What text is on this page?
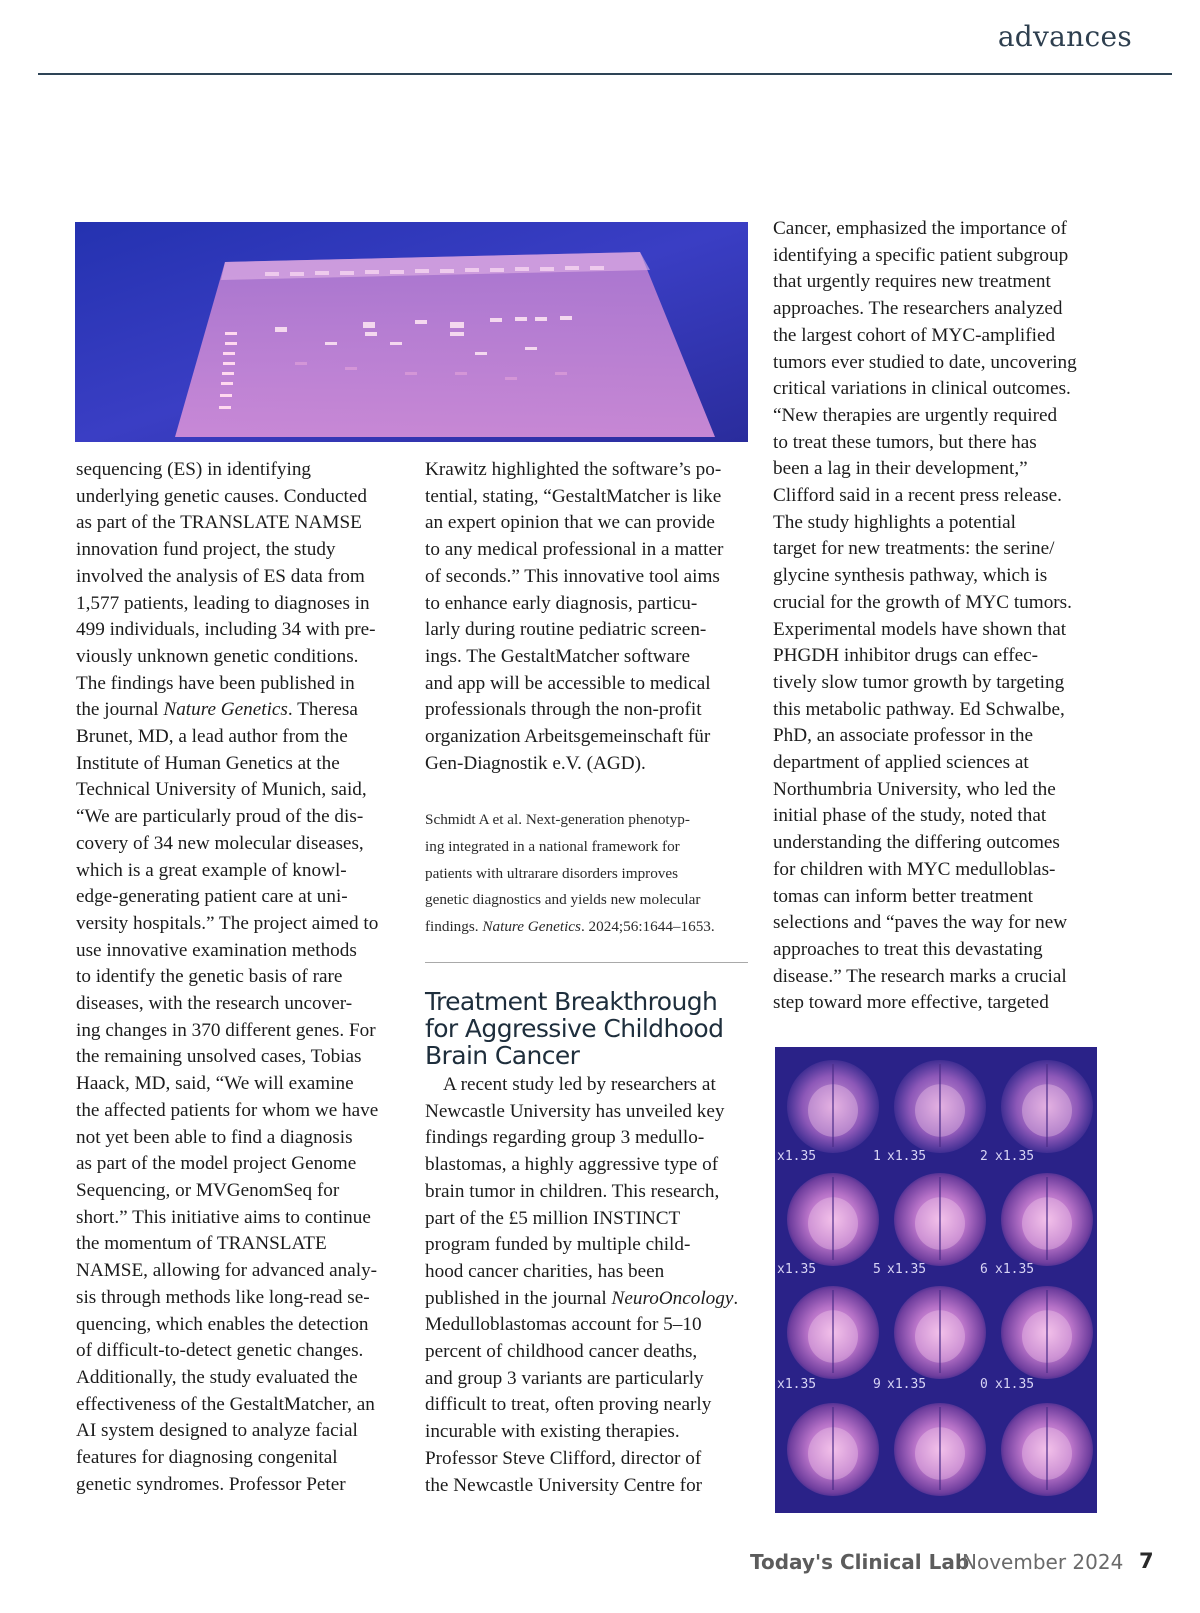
advances

sequencing (ES) in identifying

underlying genetic causes. Conducted

as part of the TRANSLATE NAMSE

innovation fund project, the study

involved the analysis of ES data from

1,577 patients, leading to diagnoses in

499 individuals, including 34 with pre-

viously unknown genetic conditions.

The findings have been published in

the journal Nature Genetics. Theresa

Brunet, MD, a lead author from the

Institute of Human Genetics at the

Technical University of Munich, said,

“We are particularly proud of the dis-

covery of 34 new molecular diseases,

which is a great example of knowl-

edge-generating patient care at uni-

versity hospitals.” The project aimed to

use innovative examination methods

to identify the genetic basis of rare

diseases, with the research uncover-

ing changes in 370 different genes. For

the remaining unsolved cases, Tobias

Haack, MD, said, “We will examine

the affected patients for whom we have

not yet been able to find a diagnosis

as part of the model project Genome

Sequencing, or MVGenomSeq for

short.” This initiative aims to continue

the momentum of TRANSLATE

NAMSE, allowing for advanced analy-

sis through methods like long-read se-

quencing, which enables the detection

of difficult-to-detect genetic changes.

Additionally, the study evaluated the

effectiveness of the GestaltMatcher, an

AI system designed to analyze facial

features for diagnosing congenital

genetic syndromes. Professor Peter

Krawitz highlighted the software’s po-

tential, stating, “GestaltMatcher is like

an expert opinion that we can provide

to any medical professional in a matter

of seconds.” This innovative tool aims

to enhance early diagnosis, particu-

larly during routine pediatric screen-

ings. The GestaltMatcher software

and app will be accessible to medical

professionals through the non-profit

organization Arbeitsgemeinschaft für

Gen-Diagnostik e.V. (AGD).

Schmidt A et al. Next-generation phenotyp-

ing integrated in a national framework for

patients with ultrarare disorders improves

genetic diagnostics and yields new molecular

findings. Nature Genetics. 2024;56:1644–1653.

Treatment Breakthrough
for Aggressive Childhood
Brain Cancer

A recent study led by researchers at

Newcastle University has unveiled key

findings regarding group 3 medullo-

blastomas, a highly aggressive type of

brain tumor in children. This research,

part of the £5 million INSTINCT

program funded by multiple child-

hood cancer charities, has been

published in the journal NeuroOncology.

Medulloblastomas account for 5–10

percent of childhood cancer deaths,

and group 3 variants are particularly

difficult to treat, often proving nearly

incurable with existing therapies.

Professor Steve Clifford, director of

the Newcastle University Centre for

Cancer, emphasized the importance of

identifying a specific patient subgroup

that urgently requires new treatment

approaches. The researchers analyzed

the largest cohort of MYC-amplified

tumors ever studied to date, uncovering

critical variations in clinical outcomes.

“New therapies are urgently required

to treat these tumors, but there has

been a lag in their development,”

Clifford said in a recent press release.

The study highlights a potential

target for new treatments: the serine/

glycine synthesis pathway, which is

crucial for the growth of MYC tumors.

Experimental models have shown that

PHGDH inhibitor drugs can effec-

tively slow tumor growth by targeting

this metabolic pathway. Ed Schwalbe,

PhD, an associate professor in the

department of applied sciences at

Northumbria University, who led the

initial phase of the study, noted that

understanding the differing outcomes

for children with MYC medulloblas-

tomas can inform better treatment

selections and “paves the way for new

approaches to treat this devastating

disease.” The research marks a crucial

step toward more effective, targeted

x1.35	1 x1.35	2 x1.35
x1.35	5 x1.35	6 x1.35
x1.35	9 x1.35	0 x1.35
Today's Clinical Lab
November 2024 7
